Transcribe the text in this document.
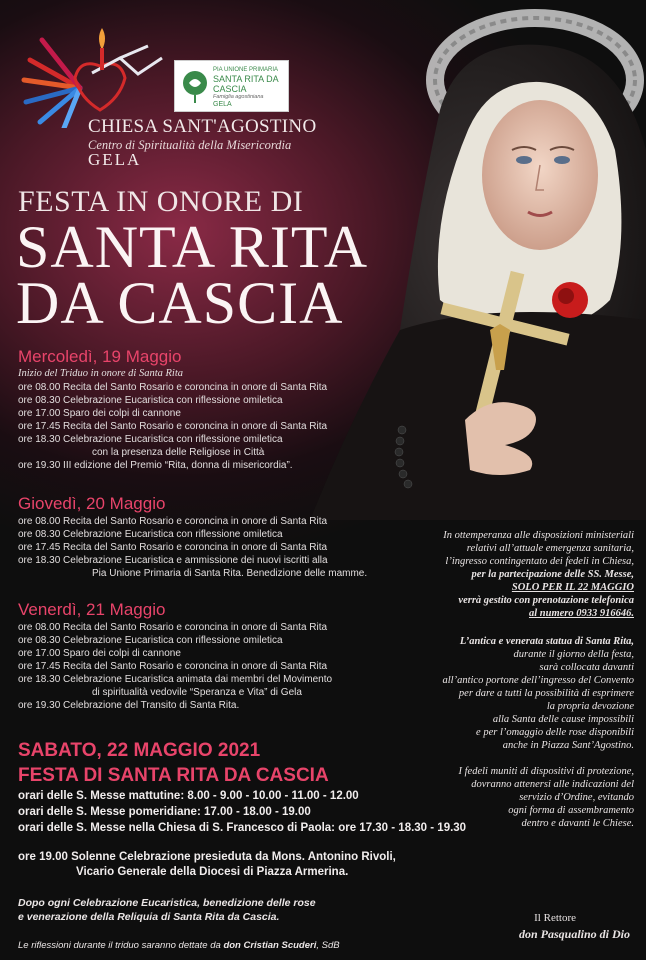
CHIESA SANT'AGOSTINO
Centro di Spiritualità della Misericordia
GELA
PIA UNIONE PRIMARIA
SANTA RITA DA CASCIA
Famiglia agostiniana
GELA
FESTA IN ONORE DI
SANTA RITA
DA CASCIA
Mercoledì, 19 Maggio
Inizio del Triduo in onore di Santa Rita
ore 08.00 Recita del Santo Rosario e coroncina in onore di Santa Rita
ore 08.30 Celebrazione Eucaristica con riflessione omiletica
ore 17.00 Sparo dei colpi di cannone
ore 17.45 Recita del Santo Rosario e coroncina in onore di Santa Rita
ore 18.30 Celebrazione Eucaristica con riflessione omiletica
con la presenza delle Religiose in Città
ore 19.30 III edizione del Premio “Rita, donna di misericordia”.
Giovedì, 20 Maggio
ore 08.00 Recita del Santo Rosario e coroncina in onore di Santa Rita
ore 08.30 Celebrazione Eucaristica con riflessione omiletica
ore 17.45 Recita del Santo Rosario e coroncina in onore di Santa Rita
ore 18.30 Celebrazione Eucaristica e ammissione dei nuovi iscritti alla
Pia Unione Primaria di Santa Rita. Benedizione delle mamme.
Venerdì, 21 Maggio
ore 08.00 Recita del Santo Rosario e coroncina in onore di Santa Rita
ore 08.30 Celebrazione Eucaristica con riflessione omiletica
ore 17.00 Sparo dei colpi di cannone
ore 17.45 Recita del Santo Rosario e coroncina in onore di Santa Rita
ore 18.30 Celebrazione Eucaristica animata dai membri del Movimento
di spiritualità vedovile “Speranza e Vita” di Gela
ore 19.30 Celebrazione del Transito di Santa Rita.
SABATO, 22 MAGGIO 2021
FESTA DI SANTA RITA DA CASCIA
orari delle S. Messe mattutine: 8.00 - 9.00 - 10.00 - 11.00 - 12.00
orari delle S. Messe pomeridiane: 17.00 - 18.00 - 19.00
orari delle S. Messe nella Chiesa di S. Francesco di Paola: ore 17.30 - 18.30 - 19.30
ore 19.00 Solenne Celebrazione presieduta da Mons. Antonino Rivoli,
Vicario Generale della Diocesi di Piazza Armerina.
Dopo ogni Celebrazione Eucaristica, benedizione delle rose
e venerazione della Reliquia di Santa Rita da Cascia.
Le riflessioni durante il triduo saranno dettate da don Cristian Scuderi, SdB
In ottemperanza alle disposizioni ministeriali
relativi all’attuale emergenza sanitaria,
l’ingresso contingentato dei fedeli in Chiesa,
per la partecipazione delle SS. Messe,
SOLO PER IL 22 MAGGIO
verrà gestito con prenotazione telefonica
al numero 0933 916646.
L’antica e venerata statua di Santa Rita,
durante il giorno della festa,
sarà collocata davanti
all’antico portone dell’ingresso del Convento
per dare a tutti la possibilità di esprimere
la propria devozione
alla Santa delle cause impossibili
e per l’omaggio delle rose disponibili
anche in Piazza Sant’Agostino.
I fedeli muniti di dispositivi di protezione,
dovranno attenersi alle indicazioni del
servizio d’Ordine, evitando
ogni forma di assembramento
dentro e davanti le Chiese.
Il Rettore
don Pasqualino di Dio
